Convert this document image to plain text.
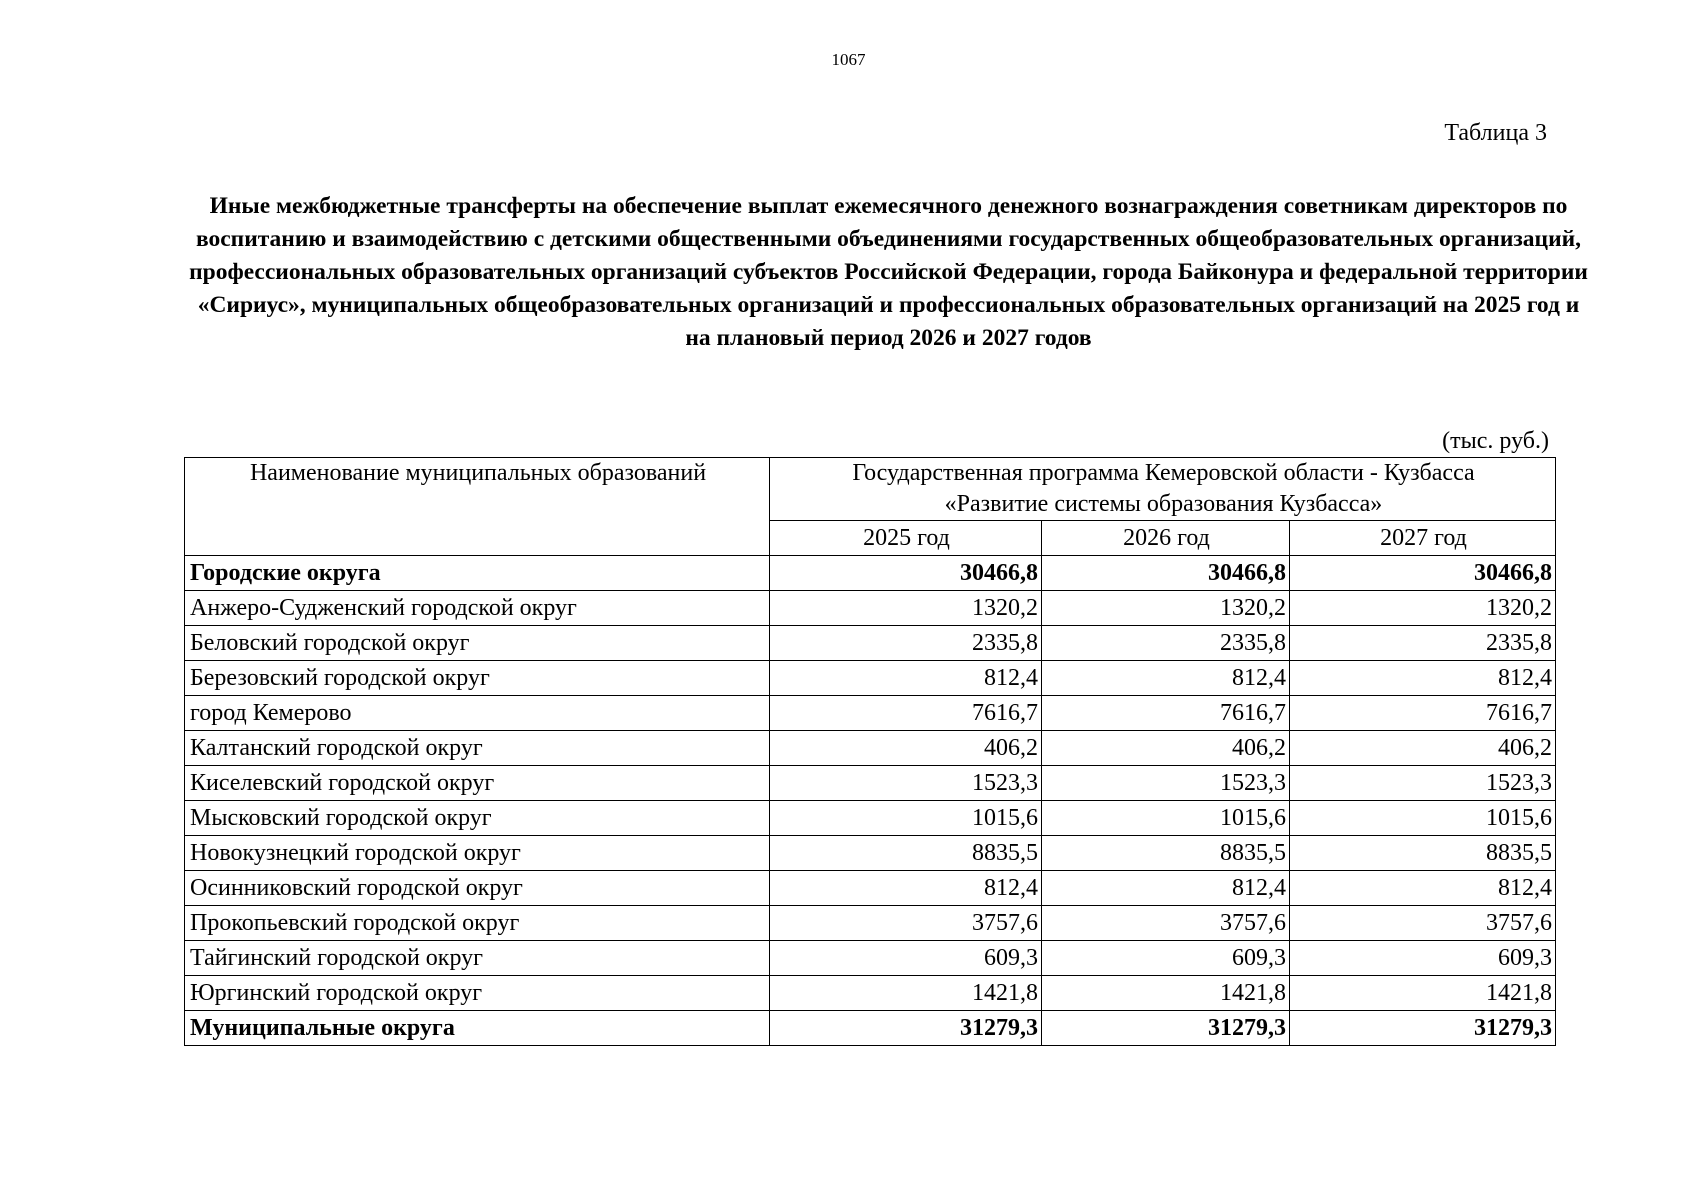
1067
Таблица 3
Иные межбюджетные трансферты на обеспечение выплат ежемесячного денежного вознаграждения советникам директоров по воспитанию и взаимодействию с детскими общественными объединениями государственных общеобразовательных организаций, профессиональных образовательных организаций субъектов Российской Федерации, города Байконура и федеральной территории «Сириус», муниципальных общеобразовательных организаций и профессиональных образовательных организаций на 2025 год и на плановый период 2026 и 2027 годов
(тыс. руб.)
Наименование муниципальных образований	Государственная программа Кемеровской области - Кузбасса
«Развитие системы образования Кузбасса»		

	2025 год	2026 год	2027 год
Городские округа	30466,8	30466,8	30466,8
Анжеро-Судженский городской округ	1320,2	1320,2	1320,2
Беловский городской округ	2335,8	2335,8	2335,8
Березовский городской округ	812,4	812,4	812,4
город Кемерово	7616,7	7616,7	7616,7
Калтанский городской округ	406,2	406,2	406,2
Киселевский городской округ	1523,3	1523,3	1523,3
Мысковский городской округ	1015,6	1015,6	1015,6
Новокузнецкий городской округ	8835,5	8835,5	8835,5
Осинниковский городской округ	812,4	812,4	812,4
Прокопьевский городской округ	3757,6	3757,6	3757,6
Тайгинский городской округ	609,3	609,3	609,3
Юргинский городской округ	1421,8	1421,8	1421,8
Муниципальные округа	31279,3	31279,3	31279,3
